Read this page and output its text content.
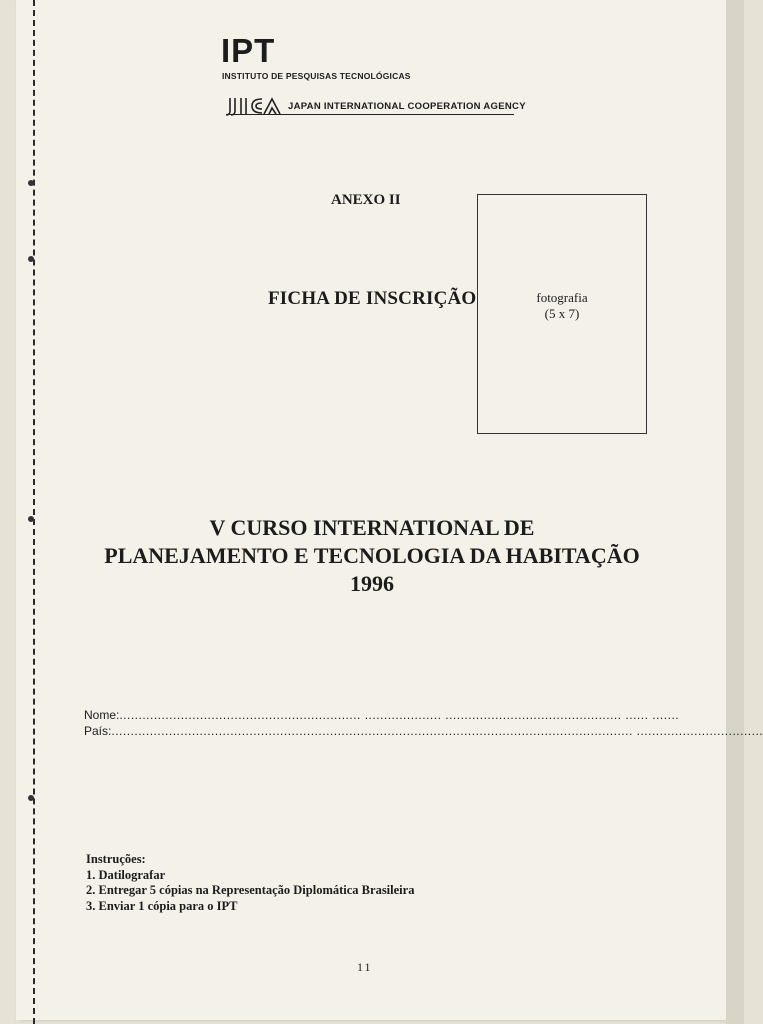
IPT
INSTITUTO DE PESQUISAS TECNOLÓGICAS
JAPAN INTERNATIONAL COOPERATION AGENCY
ANEXO II
FICHA DE INSCRIÇÃO	fotografia
(5 x 7)
V CURSO INTERNATIONAL DE
PLANEJAMENTO E TECNOLOGIA DA HABITAÇÃO
1996
Nome:............................................................... .................... .............................................. ...... .......
País:........................................................................................................................................ .................................
Instruções:
1. Datilografar
2. Entregar 5 cópias na Representação Diplomática Brasileira
3. Enviar 1 cópia para o IPT
11
